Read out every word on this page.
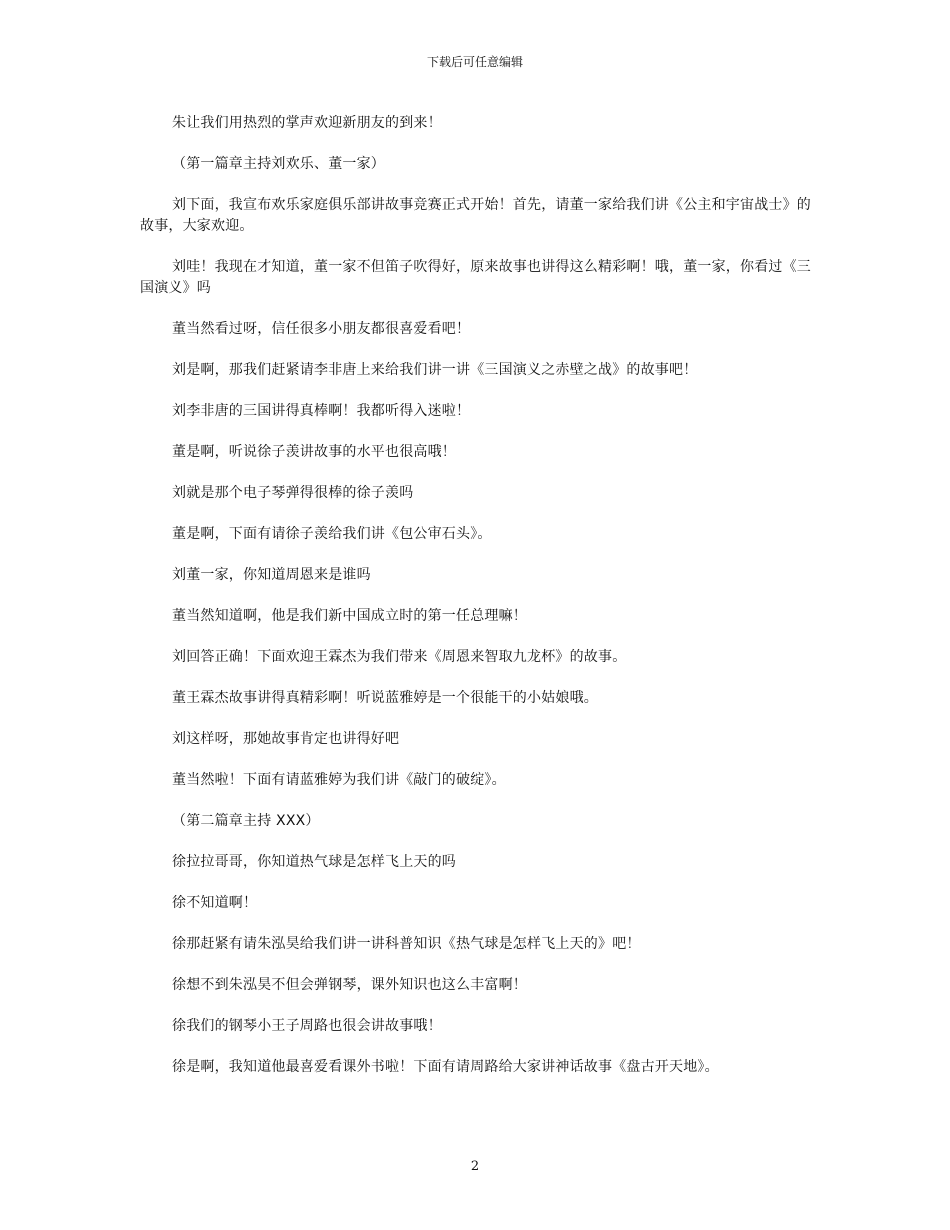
下载后可任意编辑

朱让我们用热烈的掌声欢迎新朋友的到来！

（第一篇章主持刘欢乐、董一家）

刘下面，我宣布欢乐家庭俱乐部讲故事竞赛正式开始！首先，请董一家给我们讲《公主和宇宙战士》的故事，大家欢迎。

刘哇！我现在才知道，董一家不但笛子吹得好，原来故事也讲得这么精彩啊！哦，董一家，你看过《三国演义》吗

董当然看过呀，信任很多小朋友都很喜爱看吧！

刘是啊，那我们赶紧请李非唐上来给我们讲一讲《三国演义之赤壁之战》的故事吧！

刘李非唐的三国讲得真棒啊！我都听得入迷啦！

董是啊，听说徐子羡讲故事的水平也很高哦！

刘就是那个电子琴弹得很棒的徐子羡吗

董是啊，下面有请徐子羡给我们讲《包公审石头》。

刘董一家，你知道周恩来是谁吗

董当然知道啊，他是我们新中国成立时的第一任总理嘛！

刘回答正确！下面欢迎王霖杰为我们带来《周恩来智取九龙杯》的故事。

董王霖杰故事讲得真精彩啊！听说蓝雅婷是一个很能干的小姑娘哦。

刘这样呀，那她故事肯定也讲得好吧

董当然啦！下面有请蓝雅婷为我们讲《敲门的破绽》。

（第二篇章主持 XXX）

徐拉拉哥哥，你知道热气球是怎样飞上天的吗

徐不知道啊！

徐那赶紧有请朱泓昊给我们讲一讲科普知识《热气球是怎样飞上天的》吧！

徐想不到朱泓昊不但会弹钢琴，课外知识也这么丰富啊！

徐我们的钢琴小王子周路也很会讲故事哦！

徐是啊，我知道他最喜爱看课外书啦！下面有请周路给大家讲神话故事《盘古开天地》。

2
